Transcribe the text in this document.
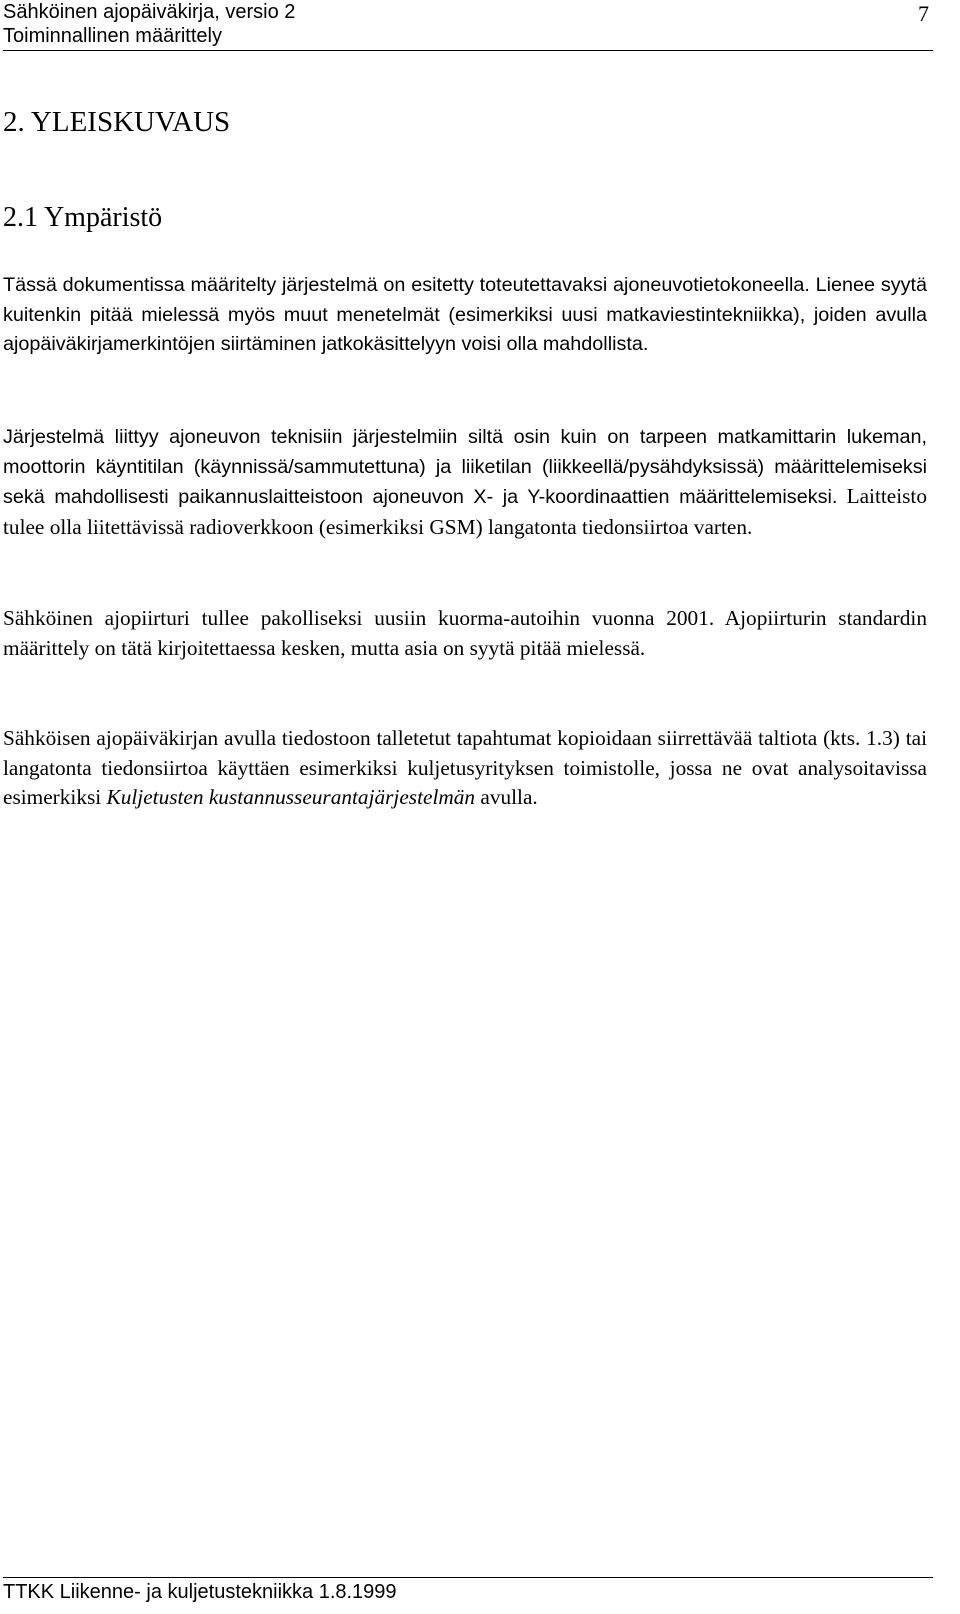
Sähköinen ajopäiväkirja, versio 2
Toiminnallinen määrittely
7
2. YLEISKUVAUS
2.1 Ympäristö

Tässä dokumentissa määritelty järjestelmä on esitetty toteutettavaksi ajoneuvotietokoneella. Lienee syytä kuitenkin pitää mielessä myös muut menetelmät (esimerkiksi uusi matkaviestintekniikka), joiden avulla ajopäiväkirjamerkintöjen siirtäminen jatkokäsittelyyn voisi olla mahdollista.

Järjestelmä liittyy ajoneuvon teknisiin järjestelmiin siltä osin kuin on tarpeen matkamittarin lukeman, moottorin käyntitilan (käynnissä/sammutettuna) ja liiketilan (liikkeellä/pysähdyksissä) määrittelemiseksi sekä mahdollisesti paikannuslaitteistoon ajoneuvon X- ja Y-koordinaattien määrittelemiseksi. Laitteisto tulee olla liitettävissä radioverkkoon (esimerkiksi GSM) langatonta tiedonsiirtoa varten.

Sähköinen ajopiirturi tullee pakolliseksi uusiin kuorma-autoihin vuonna 2001. Ajopiirturin standardin määrittely on tätä kirjoitettaessa kesken, mutta asia on syytä pitää mielessä.

Sähköisen ajopäiväkirjan avulla tiedostoon talletetut tapahtumat kopioidaan siirrettävää taltiota (kts. 1.3) tai langatonta tiedonsiirtoa käyttäen esimerkiksi kuljetusyrityksen toimistolle, jossa ne ovat analysoitavissa esimerkiksi Kuljetusten kustannusseurantajärjestelmän avulla.

TTKK Liikenne- ja kuljetustekniikka 1.8.1999
